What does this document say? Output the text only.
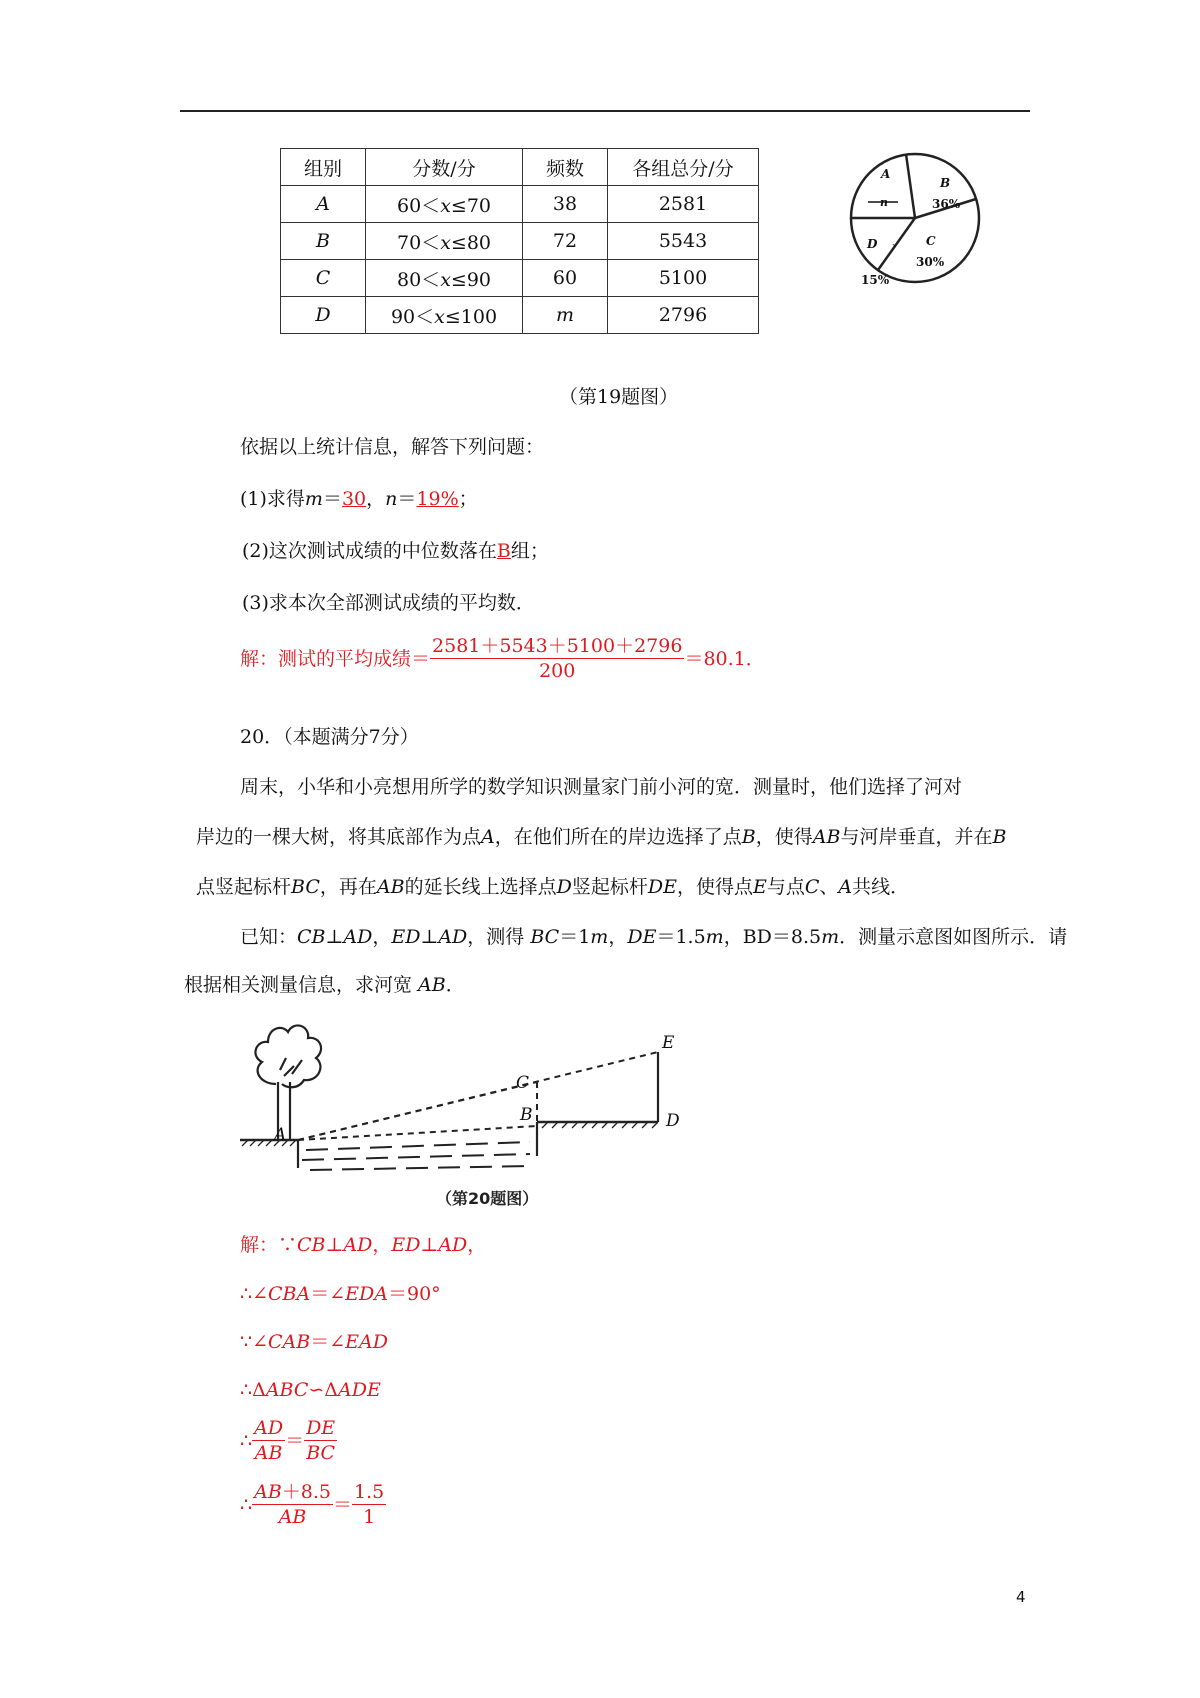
组别	分数/分	频数	各组总分/分
A	60＜x≤70	38	2581
B	70＜x≤80	72	5543
C	80＜x≤90	60	5100
D	90＜x≤100	m	2796
A
n
B
36%
C
30%
D 、
15%
（第19题图）
依据以上统计信息，解答下列问题：
(1)求得m＝30，n＝19%；
(2)这次测试成绩的中位数落在B组；
(3)求本次全部测试成绩的平均数．
解：测试的平均成绩＝ $\frac{2581+5543+5100+2796}{200} =80.1$．
20．（本题满分7分）
周末，小华和小亮想用所学的数学知识测量家门前小河的宽．测量时，他们选择了河对
岸边的一棵大树，将其底部作为点A，在他们所在的岸边选择了点B，使得AB与河岸垂直，并在B
点竖起标杆BC，再在AB的延长线上选择点D竖起标杆DE，使得点E与点C、A共线．
已知：CB⊥AD，ED⊥AD，测得 BC＝1m，DE＝1.5m，BD＝8.5m．测量示意图如图所示．请
根据相关测量信息，求河宽 AB．
A
B
C
D
E
（第20题图）
解：∵CB⊥AD，ED⊥AD，
∴∠CBA＝∠EDA＝90°
∵∠CAB＝∠EAD
∴ΔABC∽ΔADE
∴ $\frac{AD}{AB} = \frac{DE}{BC}$
∴ $\frac{AB+8.5}{AB} = \frac{1.5}{1}$
4
